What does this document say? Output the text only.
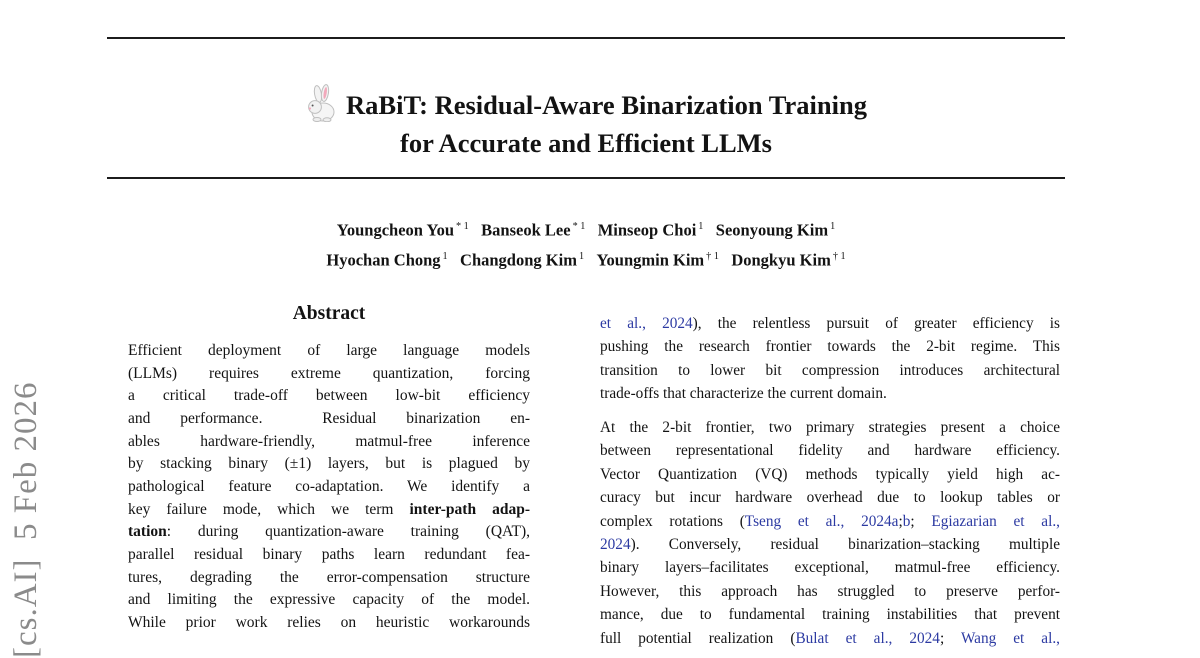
[cs.AI]  5 Feb 2026
RaBiT: Residual-Aware Binarization Training
for Accurate and Efficient LLMs
Youngcheon You $^{* 1}$ Banseok Lee $^{* 1}$ Minseop Choi $^1$ Seonyoung Kim $^1$
Hyochan Chong $^1$ Changdong Kim $^1$ Youngmin Kim $^{\dagger 1}$ Dongkyu Kim $^{\dagger 1}$
Abstract
Efficient deployment of large language models
(LLMs) requires extreme quantization, forcing
a critical trade-off between low-bit efficiency
and performance.  Residual binarization en-
ables hardware-friendly, matmul-free inference
by stacking binary (±1) layers, but is plagued by
pathological feature co-adaptation. We identify a
key failure mode, which we term inter-path adap-
tation: during quantization-aware training (QAT),
parallel residual binary paths learn redundant fea-
tures, degrading the error-compensation structure
and limiting the expressive capacity of the model.
While prior work relies on heuristic workarounds
et al., 2024), the relentless pursuit of greater efficiency is
pushing the research frontier towards the 2-bit regime. This
transition to lower bit compression introduces architectural
trade-offs that characterize the current domain.
At the 2-bit frontier, two primary strategies present a choice
between representational fidelity and hardware efficiency.
Vector Quantization (VQ) methods typically yield high ac-
curacy but incur hardware overhead due to lookup tables or
complex rotations (Tseng et al., 2024a;b; Egiazarian et al.,
2024). Conversely, residual binarization–stacking multiple
binary layers–facilitates exceptional, matmul-free efficiency.
However, this approach has struggled to preserve perfor-
mance, due to fundamental training instabilities that prevent
full potential realization (Bulat et al., 2024; Wang et al.,
